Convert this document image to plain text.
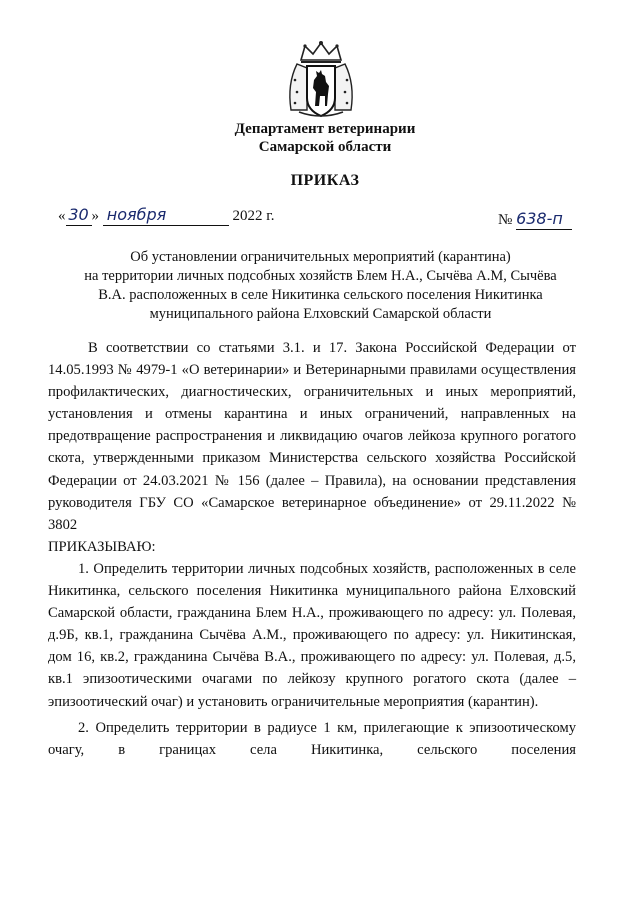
Департамент ветеринарии
Самарской области
ПРИКАЗ
« 30 » ноября	2022 г.	№ 638-п
Об установлении ограничительных мероприятий (карантина)
на территории личных подсобных хозяйств Блем Н.А., Сычёва А.М, Сычёва
В.А. расположенных в селе Никитинка сельского поселения Никитинка
муниципального района Елховский Самарской области

В соответствии со статьями 3.1. и 17. Закона Российской Федерации от 14.05.1993 № 4979-1 «О ветеринарии» и Ветеринарными правилами осуществления профилактических, диагностических, ограничительных и иных мероприятий, установления и отмены карантина и иных ограничений, направленных на предотвращение распространения и ликвидацию очагов лейкоза крупного рогатого скота, утвержденными приказом Министерства сельского хозяйства Российской Федерации от 24.03.2021 № 156 (далее – Правила), на основании представления руководителя ГБУ СО «Самарское ветеринарное объединение» от 29.11.2022 № 3802

ПРИКАЗЫВАЮ:

1. Определить территории личных подсобных хозяйств, расположенных в селе Никитинка, сельского поселения Никитинка муниципального района Елховский Самарской области, гражданина Блем Н.А., проживающего по адресу: ул. Полевая, д.9Б, кв.1, гражданина Сычёва А.М., проживающего по адресу: ул. Никитинская, дом 16, кв.2, гражданина Сычёва В.А., проживающего по адресу: ул. Полевая, д.5, кв.1 эпизоотическими очагами по лейкозу крупного рогатого скота (далее – эпизоотический очаг) и установить ограничительные мероприятия (карантин).

2. Определить территории в радиусе 1 км, прилегающие к эпизоотическому очагу, в границах села Никитинка, сельского поселения
